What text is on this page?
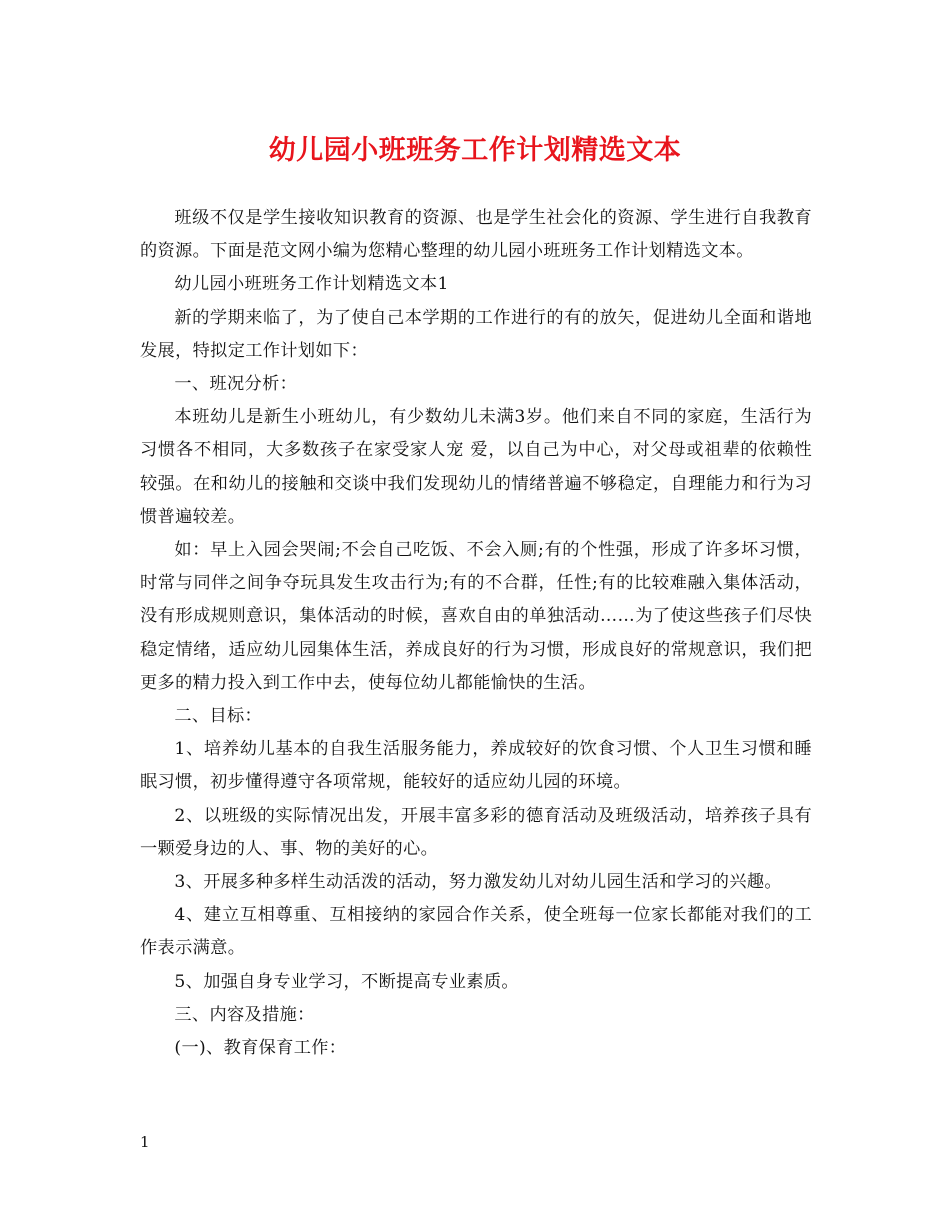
幼儿园小班班务工作计划精选文本

班级不仅是学生接收知识教育的资源、也是学生社会化的资源、学生进行自我教育的资源。下面是范文网小编为您精心整理的幼儿园小班班务工作计划精选文本。

幼儿园小班班务工作计划精选文本1

新的学期来临了，为了使自己本学期的工作进行的有的放矢，促进幼儿全面和谐地发展，特拟定工作计划如下：

一、班况分析：

本班幼儿是新生小班幼儿，有少数幼儿未满3岁。他们来自不同的家庭，生活行为习惯各不相同，大多数孩子在家受家人宠 爱，以自己为中心，对父母或祖辈的依赖性较强。在和幼儿的接触和交谈中我们发现幼儿的情绪普遍不够稳定，自理能力和行为习惯普遍较差。

如：早上入园会哭闹;不会自己吃饭、不会入厕;有的个性强，形成了许多坏习惯，时常与同伴之间争夺玩具发生攻击行为;有的不合群，任性;有的比较难融入集体活动，没有形成规则意识，集体活动的时候，喜欢自由的单独活动……为了使这些孩子们尽快稳定情绪，适应幼儿园集体生活，养成良好的行为习惯，形成良好的常规意识，我们把更多的精力投入到工作中去，使每位幼儿都能愉快的生活。

二、目标：

1、培养幼儿基本的自我生活服务能力，养成较好的饮食习惯、个人卫生习惯和睡眠习惯，初步懂得遵守各项常规，能较好的适应幼儿园的环境。

2、以班级的实际情况出发，开展丰富多彩的德育活动及班级活动，培养孩子具有一颗爱身边的人、事、物的美好的心。

3、开展多种多样生动活泼的活动，努力激发幼儿对幼儿园生活和学习的兴趣。

4、建立互相尊重、互相接纳的家园合作关系，使全班每一位家长都能对我们的工作表示满意。

5、加强自身专业学习，不断提高专业素质。

三、内容及措施：

(一)、教育保育工作：

1
